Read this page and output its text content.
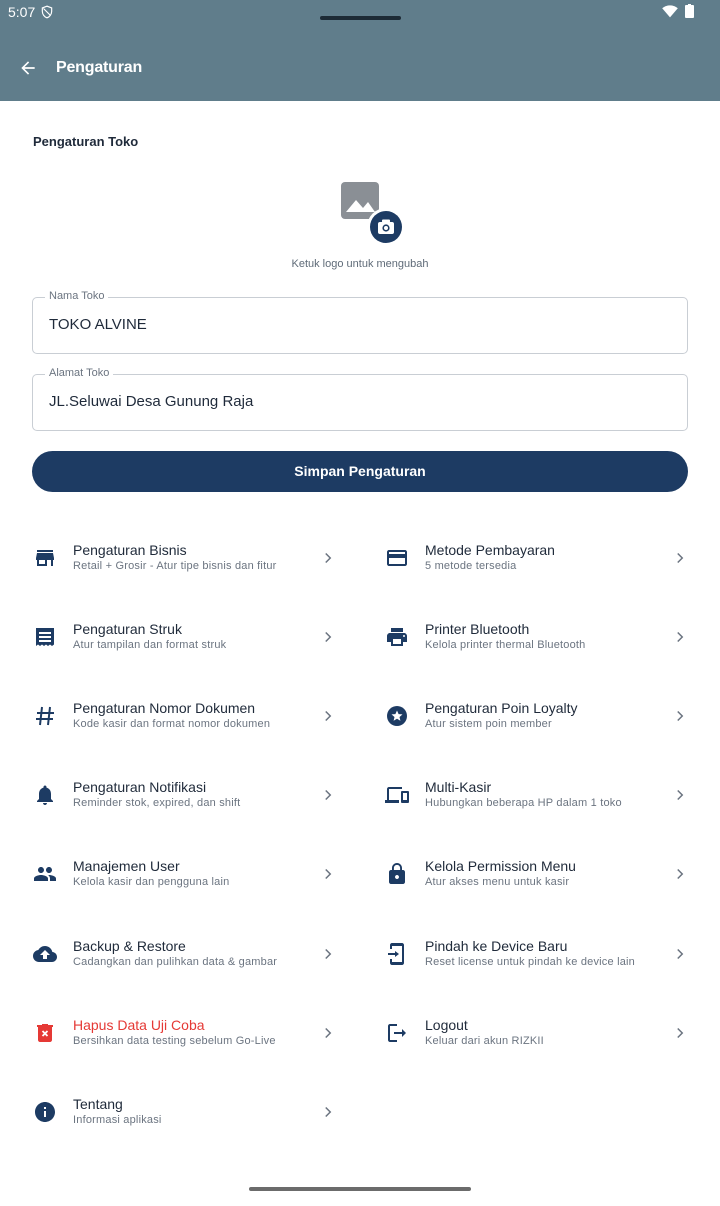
5:07
Pengaturan
Pengaturan Toko
Ketuk logo untuk mengubah
Nama Toko
TOKO ALVINE
Alamat Toko
JL.Seluwai Desa Gunung Raja
Simpan Pengaturan
Pengaturan Bisnis
Retail + Grosir - Atur tipe bisnis dan fitur
Metode Pembayaran
5 metode tersedia
Pengaturan Struk
Atur tampilan dan format struk
Printer Bluetooth
Kelola printer thermal Bluetooth
Pengaturan Nomor Dokumen
Kode kasir dan format nomor dokumen
Pengaturan Poin Loyalty
Atur sistem poin member
Pengaturan Notifikasi
Reminder stok, expired, dan shift
Multi-Kasir
Hubungkan beberapa HP dalam 1 toko
Manajemen User
Kelola kasir dan pengguna lain
Kelola Permission Menu
Atur akses menu untuk kasir
Backup & Restore
Cadangkan dan pulihkan data & gambar
Pindah ke Device Baru
Reset license untuk pindah ke device lain
Hapus Data Uji Coba
Bersihkan data testing sebelum Go-Live
Logout
Keluar dari akun RIZKII
Tentang
Informasi aplikasi
